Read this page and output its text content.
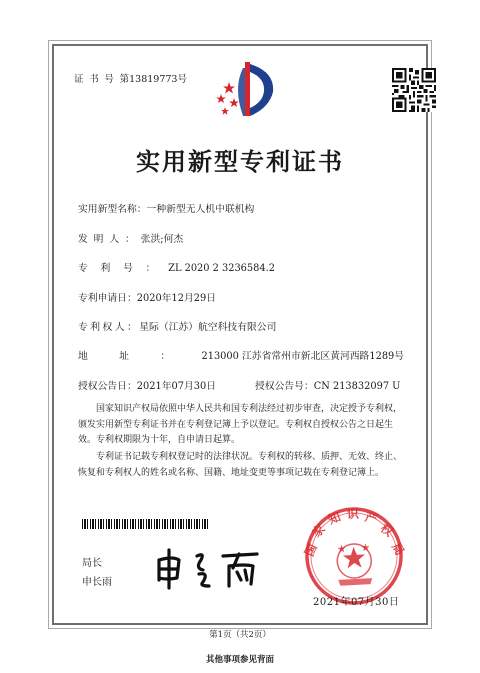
证书号第13819773号
实用新型专利证书
实用新型名称：一种新型无人机中联机构
发明人：张洪;何杰
专利号：ZL 2020 2 3236584.2
专利申请日：2020年12月29日
专利权人：星际（江苏）航空科技有限公司
地址：213000 江苏省常州市新北区黄河西路1289号
授权公告日：2021年07月30日	授权公告号：CN 213832097 U
国家知识产权局依照中华人民共和国专利法经过初步审查，决定授予专利权，颁发实用新型专利证书并在专利登记簿上予以登记。专利权自授权公告之日起生效。专利权期限为十年，自申请日起算。
专利证书记载专利权登记时的法律状况。专利权的转移、质押、无效、终止、恢复和专利权人的姓名或名称、国籍、地址变更等事项记载在专利登记簿上。
局长
申长雨
国
家
知 识 产
权
局
2021年07月30日
第1页（共2页）
其他事项参见背面
